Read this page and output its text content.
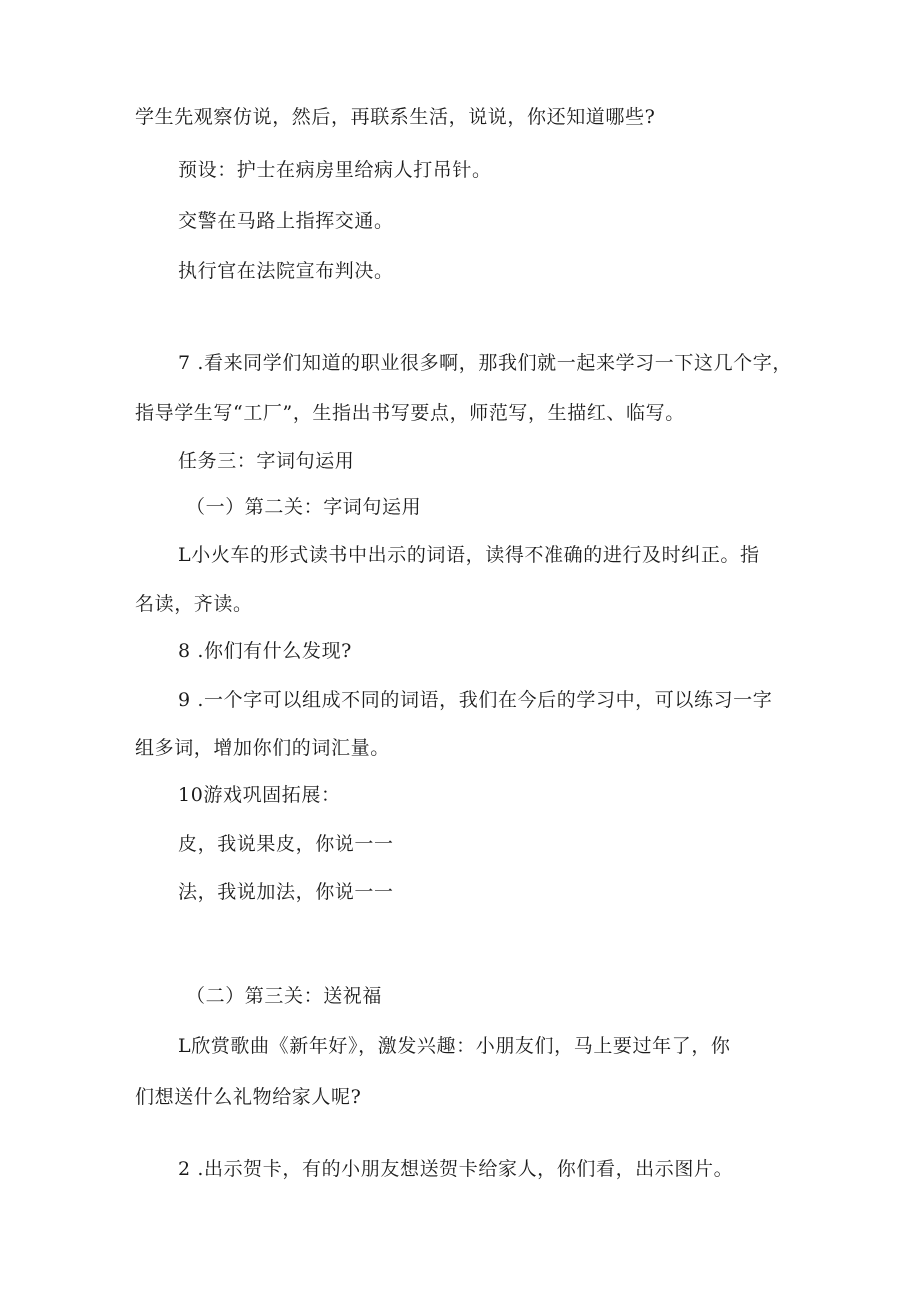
学生先观察仿说，然后，再联系生活，说说，你还知道哪些?

预设：护士在病房里给病人打吊针。

交警在马路上指挥交通。

执行官在法院宣布判决。

7 .看来同学们知道的职业很多啊，那我们就一起来学习一下这几个字，

指导学生写“工厂”，生指出书写要点，师范写，生描红、临写。

任务三：字词句运用

（一）第二关：字词句运用

L小火车的形式读书中出示的词语，读得不准确的进行及时纠正。指

名读，齐读。

8 .你们有什么发现?

9 .一个字可以组成不同的词语，我们在今后的学习中，可以练习一字

组多词，增加你们的词汇量。

10游戏巩固拓展：

皮，我说果皮，你说一一

法，我说加法，你说一一

（二）第三关：送祝福

L欣赏歌曲《新年好》，激发兴趣：小朋友们，马上要过年了，你

们想送什么礼物给家人呢?

2 .出示贺卡，有的小朋友想送贺卡给家人，你们看，出示图片。
